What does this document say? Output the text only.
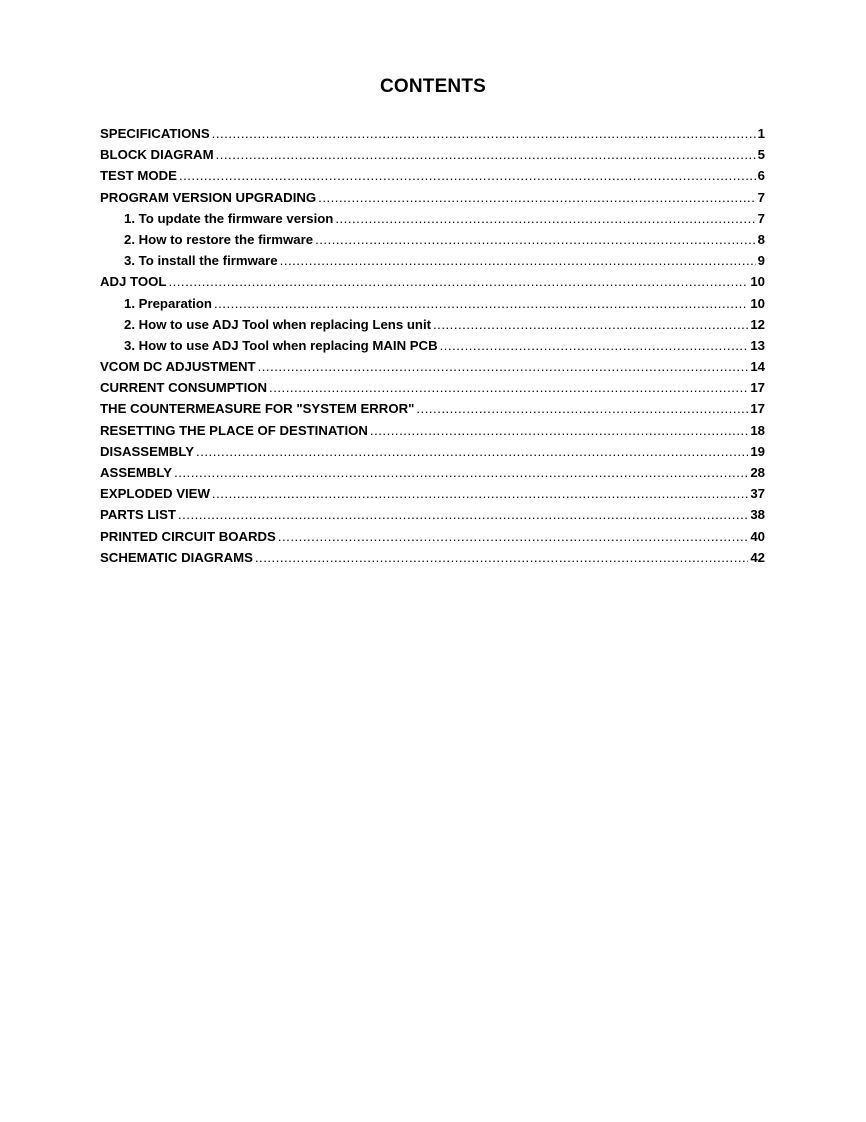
CONTENTS
SPECIFICATIONS .....	1
BLOCK DIAGRAM .....	5
TEST MODE .....	6
PROGRAM VERSION UPGRADING .....	7
1. To update the firmware version .....	7
2. How to restore the firmware .....	8
3. To install the firmware .....	9
ADJ TOOL .....	10
1. Preparation .....	10
2. How to use ADJ Tool when replacing Lens unit .....	12
3. How to use ADJ Tool when replacing MAIN PCB .....	13
VCOM DC ADJUSTMENT .....	14
CURRENT CONSUMPTION .....	17
THE COUNTERMEASURE FOR "SYSTEM ERROR" .....	17
RESETTING THE PLACE OF DESTINATION .....	18
DISASSEMBLY .....	19
ASSEMBLY .....	28
EXPLODED VIEW .....	37
PARTS LIST .....	38
PRINTED CIRCUIT BOARDS .....	40
SCHEMATIC DIAGRAMS .....	42
